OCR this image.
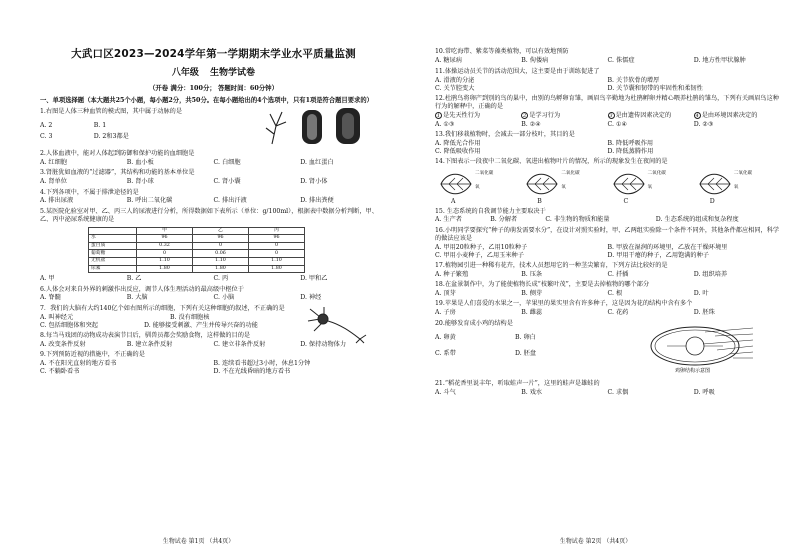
大武口区2023—2024学年第一学期期末学业水平质量监测
八年级 生物学试卷
（开卷 满分：100分； 答题时间：60分钟）
一、单项选择题（本大题共25个小题，每小题2分，共50分。在每小题给出的4个选项中，只有1项是符合题目要求的）
1.右图是人体三种血管的模式图，其中属于动脉的是
A. 2	B. 1
C. 3	D. 2和3都是
2.人体血液中，能对人体起到防御和保护功能的血细胞是
A. 红细胞	B. 血小板	C. 白细胞	D. 血红蛋白
3.肾脏犹如血液的“过滤器”，其结构和功能的基本单位是
A. 肾单位	B. 肾小球	C. 肾小囊	D. 肾小体
4.下列各项中，不属于排泄途径的是
A. 排出尿液	B. 呼出二氧化碳	C. 排出汗液	D. 排出粪便
5.某医院化验室对甲、乙、丙三人的尿液进行分析，所得数据如下表所示（单位：g/100ml），根据表中数据分析判断，甲、乙、丙中泌尿系统健康的是
	甲	乙	丙
水	96	96	96
蛋白质	0.32	0	0
葡萄糖	0	0.06	0
无机盐	1.10	1.10	1.10
尿素	1.80	1.80	1.80
A. 甲	B. 乙	C. 丙	D. 甲和乙
6.人体会对来自外界的刺激作出反应，调节人体生理活动的最高级中枢位于
A. 脊髓	B. 大脑	C. 小脑	D. 神经
7．我们的大脑有大约140亿个如右图所示的细胞，下列有关这种细胞的叙述，不正确的是
A. 叫神经元	B. 没有细胞核
C. 包括细胞体和突起	D. 能够接受刺激、产生并传导兴奋的功能
8.每当马戏团的动物成功表演节目后，驯兽员都会奖励食物，这样做的目的是
A. 改变条件反射	B. 建立条件反射	C. 建立非条件反射	D. 保持动物体力
9.下列预防近视的措施中，不正确的是
A. 不在阳光直射的地方看书	B. 连续看书超过3小时，休息1分钟
C. 不躺卧看书	D. 不在光线昏暗的地方看书
生物试卷 第1页 （共4页）
10.常吃海带、紫菜等藻类植物，可以有效地预防
A. 糖尿病	B. 佝偻病	C. 侏儒症	D. 地方性甲状腺肿
11.体操运动员关节的活动范围大，这主要是由于训练促进了
A. 滑液的分泌	B. 关节软骨的增厚
C. 关节腔变大	D. 关节囊和韧带的牢固性和柔韧性
12.杜鹃鸟将卵产到别的鸟的巢中，由别的鸟孵卵育雏，画眉鸟辛勤地为杜鹃孵卵并精心喂养杜鹃的雏鸟，下列有关画眉鸟这种行为的解释中，正确的是
1 是先天性行为	2 是学习行为	3 是由遗传因素决定的	4 是由环境因素决定的
A. ①③	B. ②④	C. ①④	D. ②③
13.我们移栽植物时，会减去一部分枝叶，其目的是
A. 降低光合作用	B. 降低呼吸作用
C. 降低吸收作用	D. 降低蒸腾作用
14.下图表示一段夜中二氧化碳、氧进出植物叶片的情况，所示的现象发生在夜间的是
二氧化碳
氧
A
二氧化碳
氧
B
二氧化碳
氧
C
二氧化碳
氧
D
15. 生态系统的自我调节能力主要取决于
A. 生产者	B. 分解者	C. 非生物的物质和能量	D. 生态系统的组成和复杂程度
16.小明同学要探究“种子的萌发需要水分”，在设计对照实验时，甲、乙两组实验除一个条件不同外，其他条件都应相同，科学的做法应该是
A. 甲用20粒种子，乙用10粒种子	B. 甲放在湿润的环境里，乙放在干燥环境里
C. 甲用小麦种子，乙用玉米种子	D. 甲用干瘪的种子，乙用饱满的种子
17.植物园引进一种稀有花卉，技术人员想用它的一种茎尖繁育，下列方法比较好的是
A. 种子繁殖	B. 压条	C. 扦插	D. 组织培养
18.在盆景制作中，为了能使植物长成“枝繁叶茂”，主要是去掉植物的哪个部分
A. 顶芽	B. 侧芽	C. 根	D. 叶
19.苹果是人们喜爱的水果之一，苹果里的果实里含有许多种子，这是因为花的结构中含有多个
A. 子房	B. 雌蕊	C. 花药	D. 胚珠
20.能够发育成小鸡的结构是
A. 卵黄	B. 卵白
C. 系带	D. 胚盘
鸡卵结构示意图
21.“稻花香里说丰年，听取蛙声一片”，这里的蛙声是雄蛙的
A. 斗气	B. 戏水	C. 求偶	D. 呼吸
生物试卷 第2页 （共4页）
